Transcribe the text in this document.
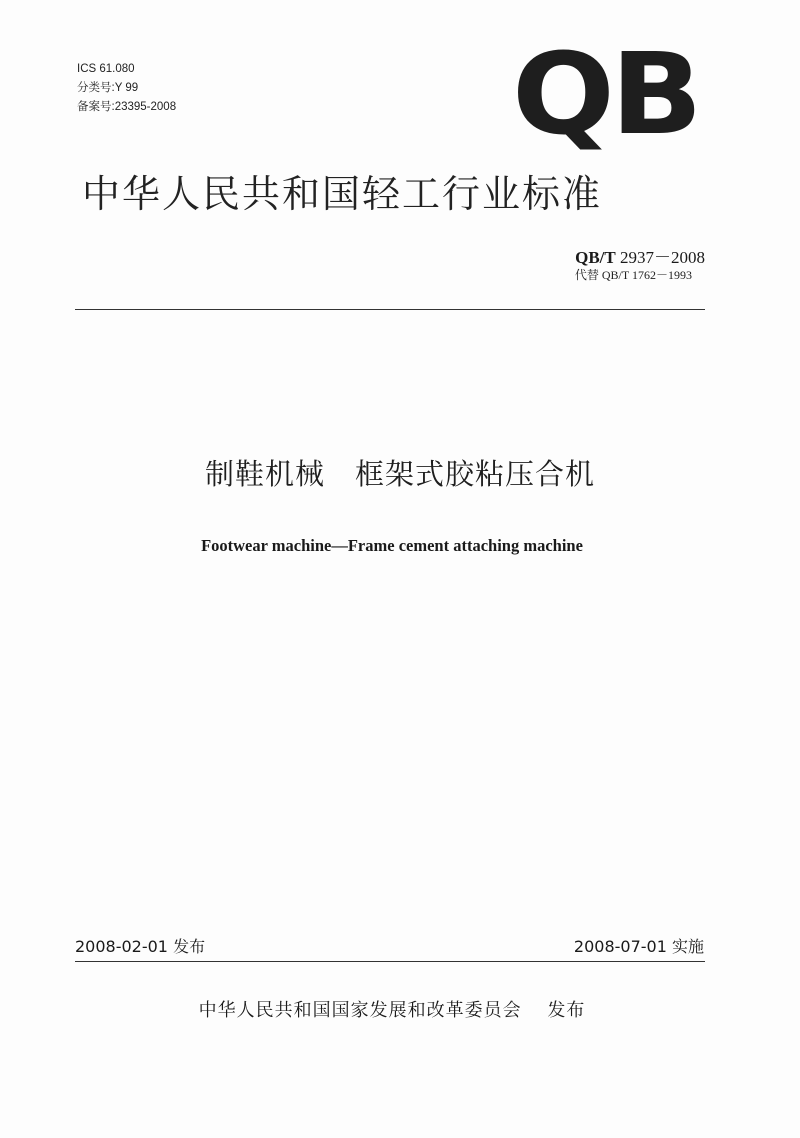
ICS 61.080
分类号:Y 99
备案号:23395-2008	QB
中华人民共和国轻工行业标准
QB/T 2937－2008
代替 QB/T 1762－1993
制鞋机械　框架式胶粘压合机
Footwear machine—Frame cement attaching machine
2008-02-01 发布	2008-07-01 实施
中华人民共和国国家发展和改革委员会　 发布
